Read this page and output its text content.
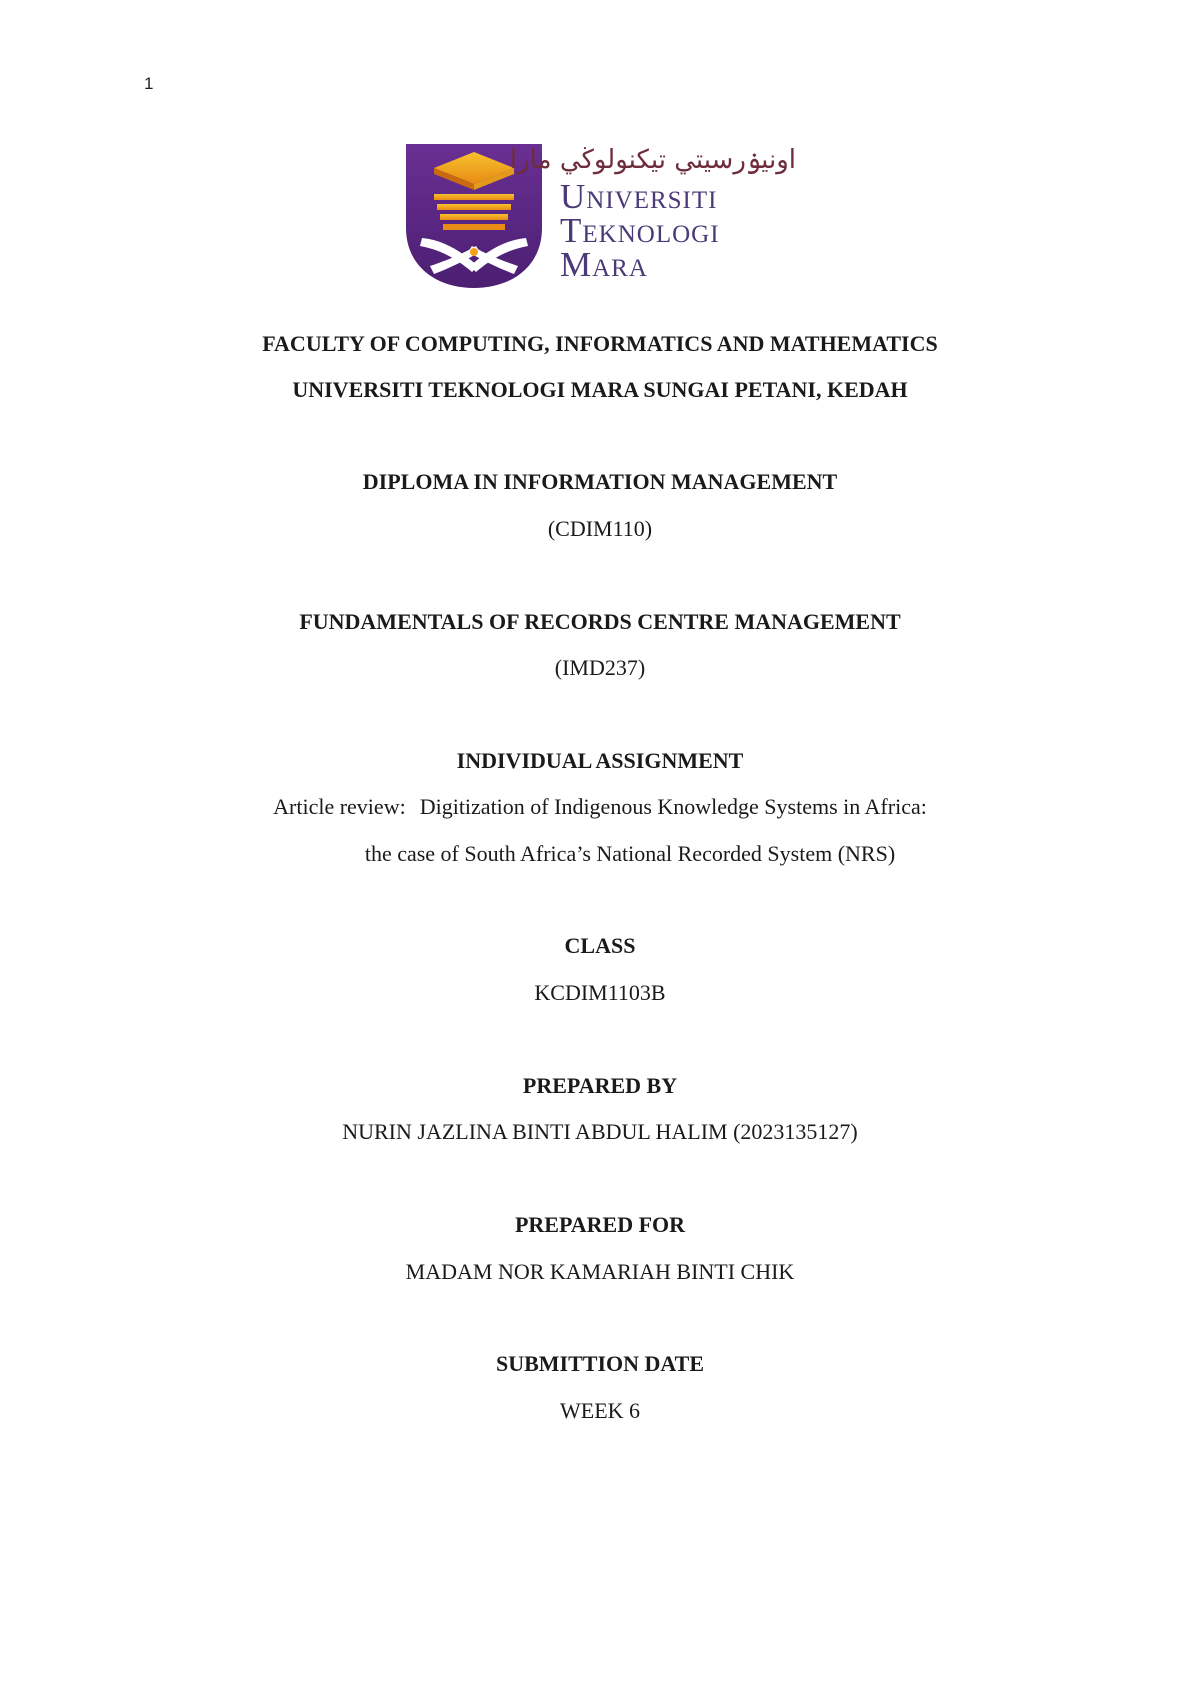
1
اونيۏرسيتي تيكنولوڬي مارا
Universiti
Teknologi
Mara
FACULTY OF COMPUTING, INFORMATICS AND MATHEMATICS
UNIVERSITI TEKNOLOGI MARA SUNGAI PETANI, KEDAH
DIPLOMA IN INFORMATION MANAGEMENT
(CDIM110)
FUNDAMENTALS OF RECORDS CENTRE MANAGEMENT
(IMD237)
INDIVIDUAL ASSIGNMENT
Article review: Digitization of Indigenous Knowledge Systems in Africa:
the case of South Africa’s National Recorded System (NRS)
CLASS
KCDIM1103B
PREPARED BY
NURIN JAZLINA BINTI ABDUL HALIM (2023135127)
PREPARED FOR
MADAM NOR KAMARIAH BINTI CHIK
SUBMITTION DATE
WEEK 6
